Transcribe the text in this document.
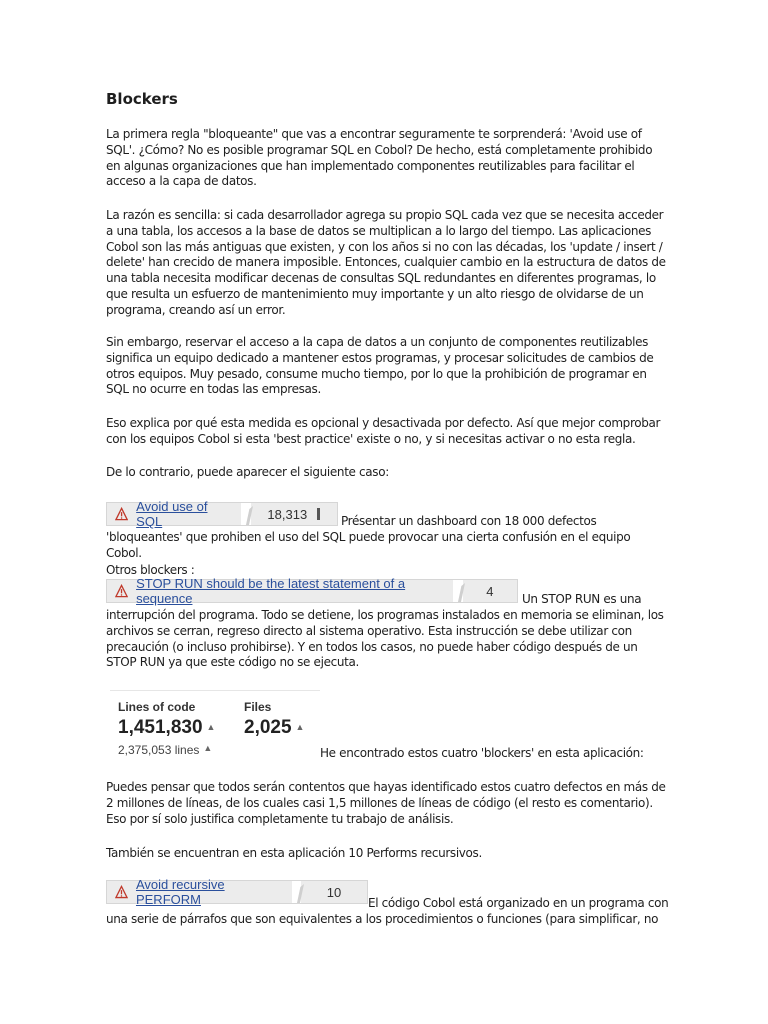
Blockers

La primera regla "bloqueante" que vas a encontrar seguramente te sorprenderá: 'Avoid use of SQL'. ¿Cómo? No es posible programar SQL en Cobol? De hecho, está completamente prohibido en algunas organizaciones que han implementado componentes reutilizables para facilitar el acceso a la capa de datos.

La razón es sencilla: si cada desarrollador agrega su propio SQL cada vez que se necesita acceder a una tabla, los accesos a la base de datos se multiplican a lo largo del tiempo. Las aplicaciones Cobol son las más antiguas que existen, y con los años si no con las décadas, los 'update / insert / delete' han crecido de manera imposible. Entonces, cualquier cambio en la estructura de datos de una tabla necesita modificar decenas de consultas SQL redundantes en diferentes programas, lo que resulta un esfuerzo de mantenimiento muy importante y un alto riesgo de olvidarse de un programa, creando así un error.

Sin embargo, reservar el acceso a la capa de datos a un conjunto de componentes reutilizables significa un equipo dedicado a mantener estos programas, y procesar solicitudes de cambios de otros equipos. Muy pesado, consume mucho tiempo, por lo que la prohibición de programar en SQL no ocurre en todas las empresas.

Eso explica por qué esta medida es opcional y desactivada por defecto. Así que mejor comprobar con los equipos Cobol si esta 'best practice' existe o no, y si necesitas activar o no esta regla.

De lo contrario, puede aparecer el siguiente caso:

Avoid use of SQL	18,313	Présentar un dashboard con 18 000 defectos

'bloqueantes' que prohiben el uso del SQL puede provocar una cierta confusión en el equipo Cobol.

Otros blockers :

STOP RUN should be the latest statement of a sequence	4
Un STOP RUN es una

interrupción del programa. Todo se detiene, los programas instalados en memoria se eliminan, los archivos se cerran, regreso directo al sistema operativo. Esta instrucción se debe utilizar con precaución (o incluso prohibirse). Y en todos los casos, no puede haber código después de un STOP RUN ya que este código no se ejecuta.

Lines of code
1,451,830 ▲
Files
2,025 ▲
2,375,053 lines ▲	He encontrado estos cuatro 'blockers' en esta aplicación:

Puedes pensar que todos serán contentos que hayas identificado estos cuatro defectos en más de 2 millones de líneas, de los cuales casi 1,5 millones de líneas de código (el resto es comentario). Eso por sí solo justifica completamente tu trabajo de análisis.

También se encuentran en esta aplicación 10 Performs recursivos.

Avoid recursive PERFORM	10
El código Cobol está organizado en un programa con

una serie de párrafos que son equivalentes a los procedimientos o funciones (para simplificar, no
